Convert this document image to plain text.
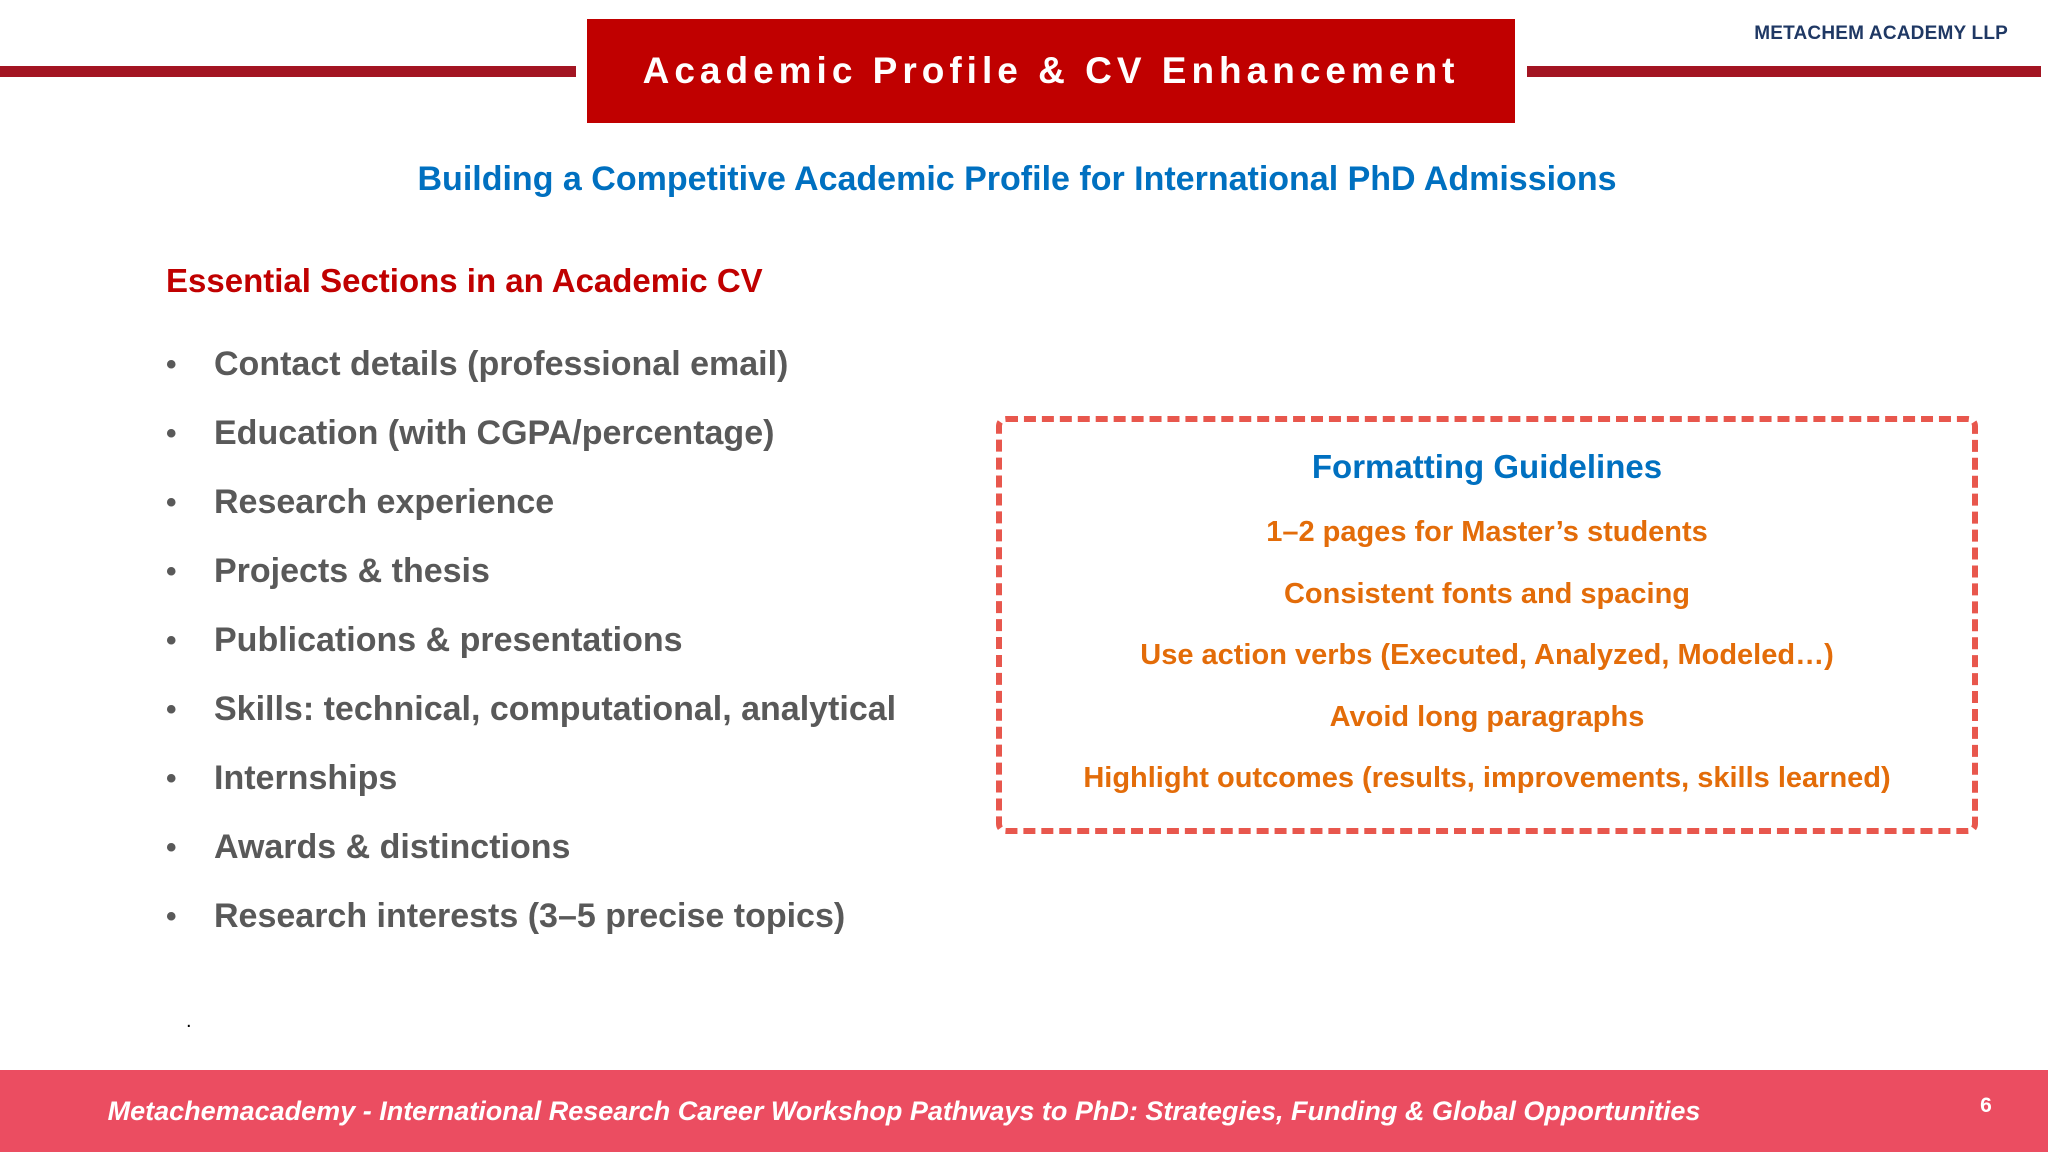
Academic Profile & CV Enhancement
METACHEM ACADEMY LLP
Building a Competitive Academic Profile for International PhD Admissions
Essential Sections in an Academic CV
•	Contact details (professional email)
•	Education (with CGPA/percentage)
•	Research experience
•	Projects & thesis
•	Publications & presentations
•	Skills: technical, computational, analytical
•	Internships
•	Awards & distinctions
•	Research interests (3–5 precise topics)
Formatting Guidelines
1–2 pages for Master’s students
Consistent fonts and spacing
Use action verbs (Executed, Analyzed, Modeled…)
Avoid long paragraphs
Highlight outcomes (results, improvements, skills learned)
.
Metachemacademy - International Research Career Workshop Pathways to PhD: Strategies, Funding & Global Opportunities	6
